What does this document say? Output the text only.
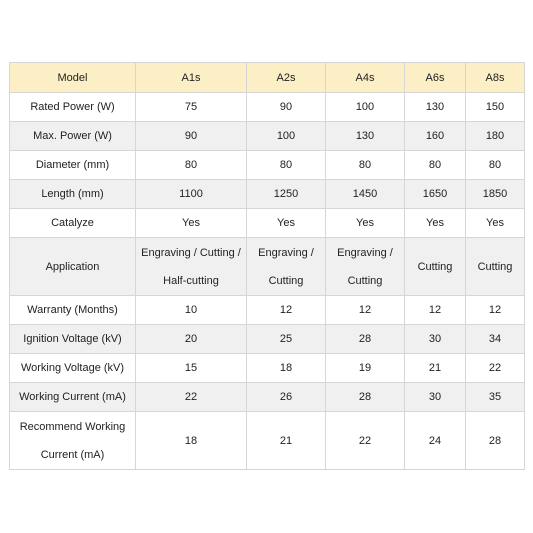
Model	A1s	A2s	A4s	A6s	A8s
Rated Power (W)	75	90	100	130	150
Max. Power (W)	90	100	130	160	180
Diameter (mm)	80	80	80	80	80
Length (mm)	1100	1250	1450	1650	1850
Catalyze	Yes	Yes	Yes	Yes	Yes
Application	Engraving / Cutting / Half-cutting	Engraving / Cutting	Engraving / Cutting	Cutting	Cutting
Warranty (Months)	10	12	12	12	12
Ignition Voltage (kV)	20	25	28	30	34
Working Voltage (kV)	15	18	19	21	22
Working Current (mA)	22	26	28	30	35
Recommend Working Current (mA)	18	21	22	24	28
